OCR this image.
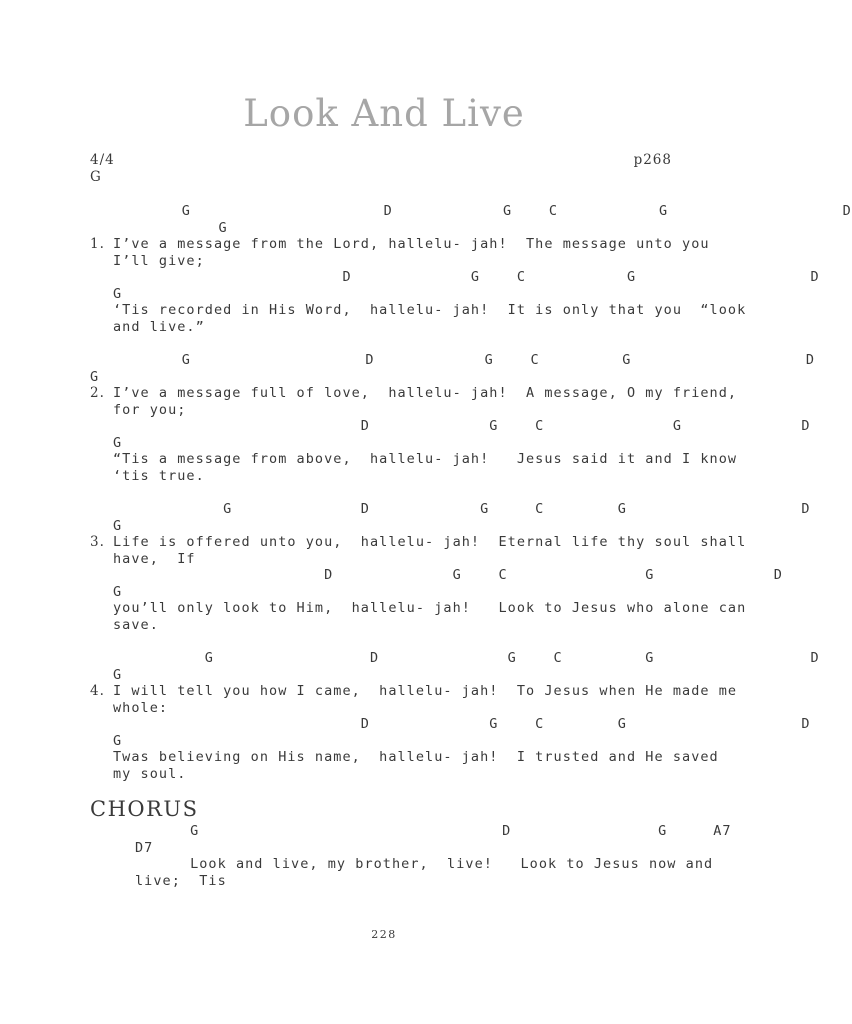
Look And Live
4/4
G
p268
G                     D            G    C           G                   D
G
1. I’ve a message from the Lord, hallelu- jah!  The message unto you
I’ll give;
D             G    C           G                   D
G
‘Tis recorded in His Word,  hallelu- jah!  It is only that you  “look
and live.”
G                   D            G    C         G                   D
G
2. I’ve a message full of love,  hallelu- jah!  A message, O my friend,
for you;
D             G    C              G             D
G
“Tis a message from above,  hallelu- jah!   Jesus said it and I know
‘tis true.
G              D            G     C        G                   D
G
3. Life is offered unto you,  hallelu- jah!  Eternal life thy soul shall
have,  If
D             G    C               G             D
G
you’ll only look to Him,  hallelu- jah!   Look to Jesus who alone can
save.
G                 D              G    C         G                 D
G
4. I will tell you how I came,  hallelu- jah!  To Jesus when He made me
whole:
D             G    C        G                   D
G
Twas believing on His name,  hallelu- jah!  I trusted and He saved
my soul.
CHORUS
G                                 D                G     A7
D7
Look and live, my brother,  live!   Look to Jesus now and
live;  Tis
228
